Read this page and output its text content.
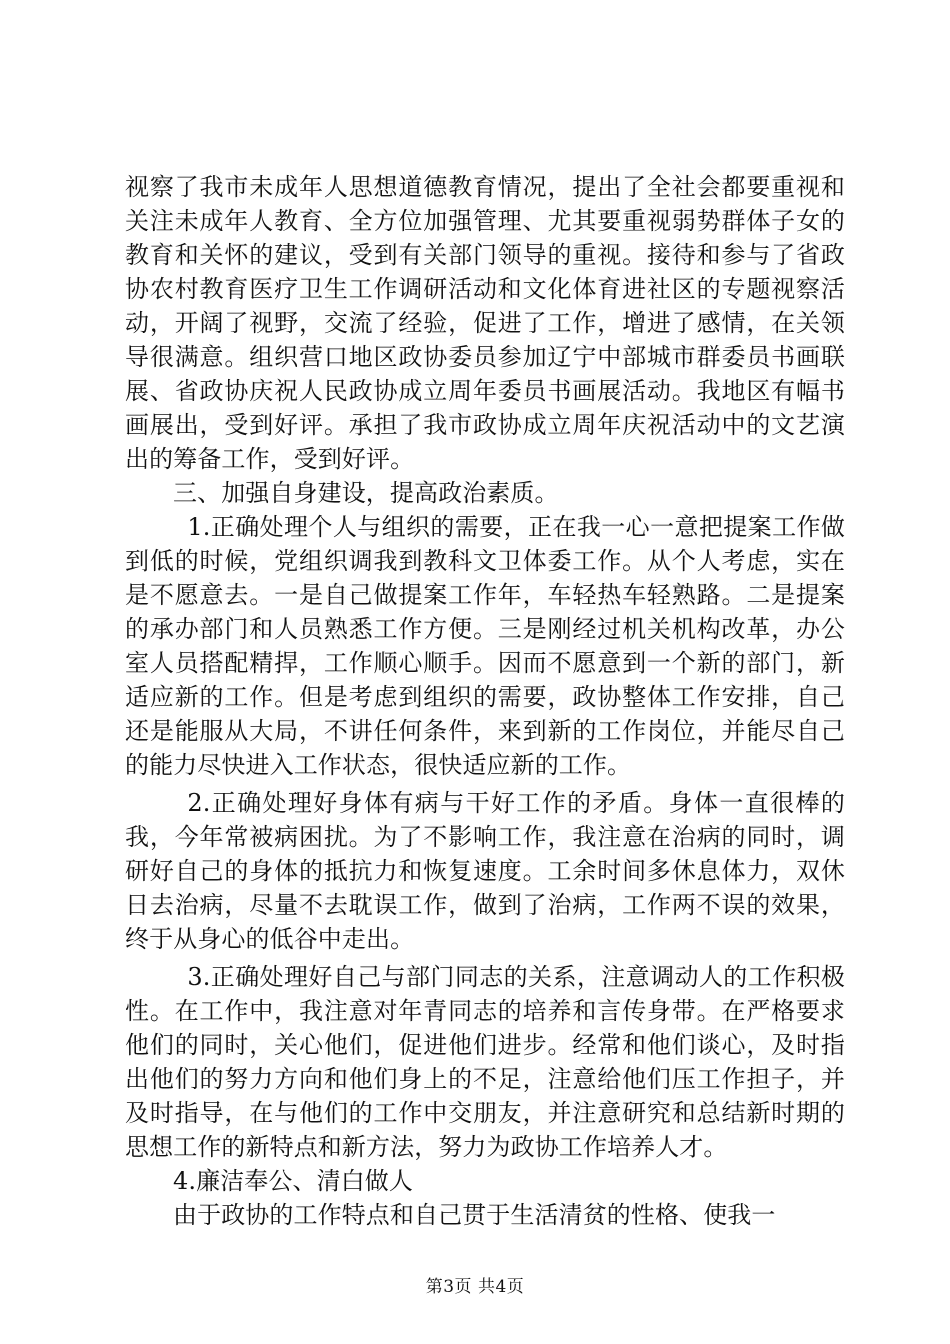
视察了我市未成年人思想道德教育情况，提出了全社会都要重视和关注未成年人教育、全方位加强管理、尤其要重视弱势群体子女的教育和关怀的建议，受到有关部门领导的重视。接待和参与了省政协农村教育医疗卫生工作调研活动和文化体育进社区的专题视察活动，开阔了视野，交流了经验，促进了工作，增进了感情，在关领导很满意。组织营口地区政协委员参加辽宁中部城市群委员书画联展、省政协庆祝人民政协成立周年委员书画展活动。我地区有幅书画展出，受到好评。承担了我市政协成立周年庆祝活动中的文艺演出的筹备工作，受到好评。

三、加强自身建设，提高政治素质。

1.正确处理个人与组织的需要，正在我一心一意把提案工作做到低的时候，党组织调我到教科文卫体委工作。从个人考虑，实在是不愿意去。一是自己做提案工作年，车轻热车轻熟路。二是提案的承办部门和人员熟悉工作方便。三是刚经过机关机构改革，办公室人员搭配精捍，工作顺心顺手。因而不愿意到一个新的部门，新适应新的工作。但是考虑到组织的需要，政协整体工作安排，自己还是能服从大局，不讲任何条件，来到新的工作岗位，并能尽自己的能力尽快进入工作状态，很快适应新的工作。

2.正确处理好身体有病与干好工作的矛盾。身体一直很棒的我，今年常被病困扰。为了不影响工作，我注意在治病的同时，调研好自己的身体的抵抗力和恢复速度。工余时间多休息体力，双休日去治病，尽量不去耽误工作，做到了治病，工作两不误的效果，终于从身心的低谷中走出。

3.正确处理好自己与部门同志的关系，注意调动人的工作积极性。在工作中，我注意对年青同志的培养和言传身带。在严格要求他们的同时，关心他们，促进他们进步。经常和他们谈心，及时指出他们的努力方向和他们身上的不足，注意给他们压工作担子，并及时指导，在与他们的工作中交朋友，并注意研究和总结新时期的思想工作的新特点和新方法，努力为政协工作培养人才。

4.廉洁奉公、清白做人

由于政协的工作特点和自己贯于生活清贫的性格、使我一

第3页 共4页
